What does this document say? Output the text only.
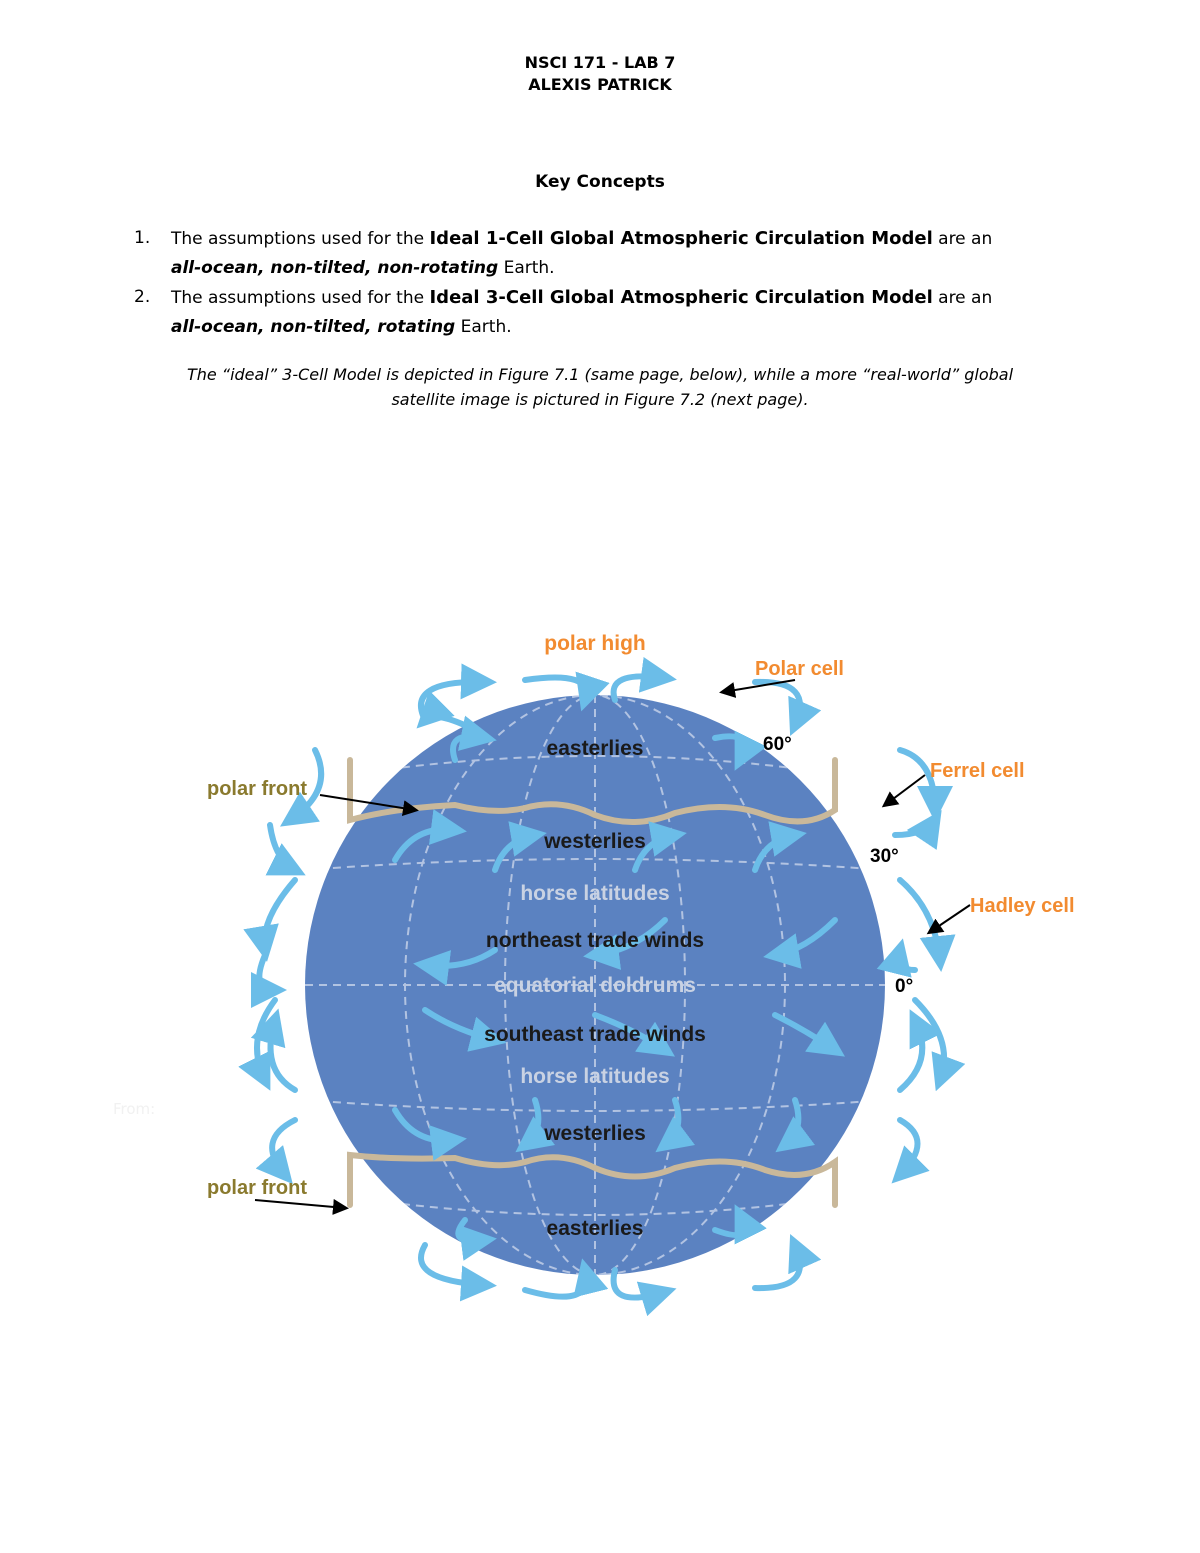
NSCI 171 - LAB 7
ALEXIS PATRICK
Key Concepts
1. The assumptions used for the Ideal 1-Cell Global Atmospheric Circulation Model are an
all-ocean, non-tilted, non-rotating Earth.
2. The assumptions used for the Ideal 3-Cell Global Atmospheric Circulation Model are an
all-ocean, non-tilted, rotating Earth.
The “ideal” 3-Cell Model is depicted in Figure 7.1 (same page, below), while a more “real-world” global
satellite image is pictured in Figure 7.2 (next page).
From:
easterlies
westerlies
horse latitudes
northeast trade winds
equatorial doldrums
southeast trade winds
horse latitudes
westerlies
easterlies
polar high
Polar cell
Ferrel cell
Hadley cell
polar front
polar front
60°
30°
0°
